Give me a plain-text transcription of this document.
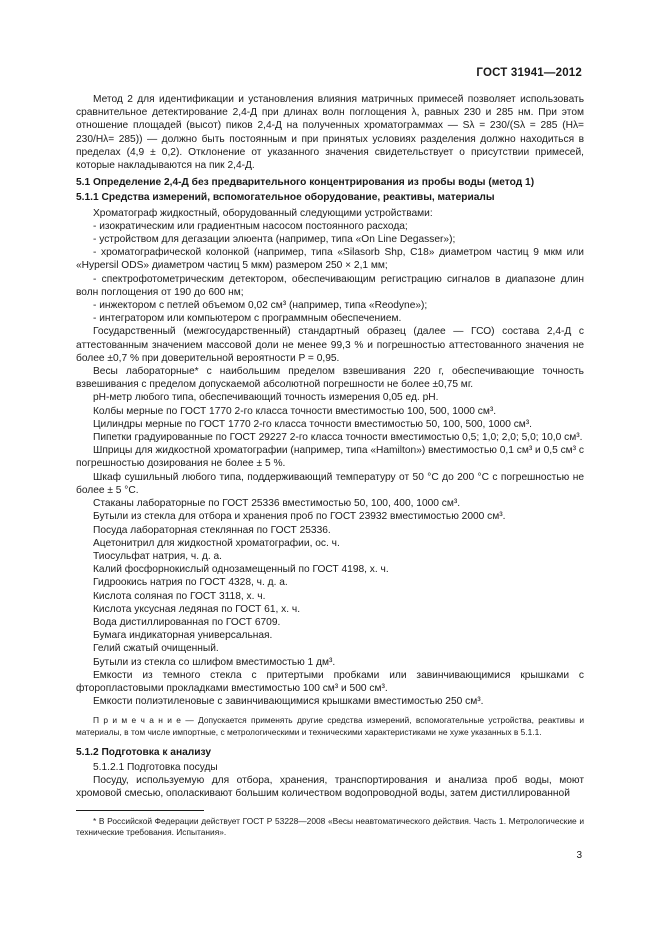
ГОСТ 31941—2012

Метод 2 для идентификации и установления влияния матричных примесей позволяет использовать сравнительное детектирование 2,4-Д при длинах волн поглощения λ, равных 230 и 285 нм. При этом отношение площадей (высот) пиков 2,4-Д на полученных хроматограммах — Sλ = 230/(Sλ = 285 (Hλ= 230/Hλ= 285)) — должно быть постоянным и при принятых условиях разделения должно находиться в пределах (4,9 ± 0,2). Отклонение от указанного значения свидетельствует о присутствии примесей, которые накладываются на пик 2,4-Д.

5.1 Определение 2,4-Д без предварительного концентрирования из пробы воды (метод 1)

5.1.1 Средства измерений, вспомогательное оборудование, реактивы, материалы

Хроматограф жидкостный, оборудованный следующими устройствами:

- изократическим или градиентным насосом постоянного расхода;

- устройством для дегазации элюента (например, типа «On Line Degasser»);

- хроматографической колонкой (например, типа «Silasorb Shp, C18» диаметром частиц 9 мкм или «Hypersil ODS» диаметром частиц 5 мкм) размером 250 × 2,1 мм;

- спектрофотометрическим детектором, обеспечивающим регистрацию сигналов в диапазоне длин волн поглощения от 190 до 600 нм;

- инжектором с петлей объемом 0,02 см³ (например, типа «Reodyne»);

- интегратором или компьютером с программным обеспечением.

Государственный (межгосударственный) стандартный образец (далее — ГСО) состава 2,4-Д с аттестованным значением массовой доли не менее 99,3 % и погрешностью аттестованного значения не более ±0,7 % при доверительной вероятности P = 0,95.

Весы лабораторные* с наибольшим пределом взвешивания 220 г, обеспечивающие точность взвешивания с пределом допускаемой абсолютной погрешности не более ±0,75 мг.

pH-метр любого типа, обеспечивающий точность измерения 0,05 ед. pH.

Колбы мерные по ГОСТ 1770 2-го класса точности вместимостью 100, 500, 1000 см³.

Цилиндры мерные по ГОСТ 1770 2-го класса точности вместимостью 50, 100, 500, 1000 см³.

Пипетки градуированные по ГОСТ 29227 2-го класса точности вместимостью 0,5; 1,0; 2,0; 5,0; 10,0 см³.

Шприцы для жидкостной хроматографии (например, типа «Hamilton») вместимостью 0,1 см³ и 0,5 см³ с погрешностью дозирования не более ± 5 %.

Шкаф сушильный любого типа, поддерживающий температуру от 50 °С до 200 °С с погрешностью не более ± 5 °С.

Стаканы лабораторные по ГОСТ 25336 вместимостью 50, 100, 400, 1000 см³.

Бутыли из стекла для отбора и хранения проб по ГОСТ 23932 вместимостью 2000 см³.

Посуда лабораторная стеклянная по ГОСТ 25336.

Ацетонитрил для жидкостной хроматографии, ос. ч.

Тиосульфат натрия, ч. д. а.

Калий фосфорнокислый однозамещенный по ГОСТ 4198, х. ч.

Гидроокись натрия по ГОСТ 4328, ч. д. а.

Кислота соляная по ГОСТ 3118, х. ч.

Кислота уксусная ледяная по ГОСТ 61, х. ч.

Вода дистиллированная по ГОСТ 6709.

Бумага индикаторная универсальная.

Гелий сжатый очищенный.

Бутыли из стекла со шлифом вместимостью 1 дм³.

Емкости из темного стекла с притертыми пробками или завинчивающимися крышками с фторопластовыми прокладками вместимостью 100 см³ и 500 см³.

Емкости полиэтиленовые с завинчивающимися крышками вместимостью 250 см³.

П р и м е ч а н и е — Допускается применять другие средства измерений, вспомогательные устройства, реактивы и материалы, в том числе импортные, с метрологическими и техническими характеристиками не хуже указанных в 5.1.1.

5.1.2 Подготовка к анализу

5.1.2.1 Подготовка посуды

Посуду, используемую для отбора, хранения, транспортирования и анализа проб воды, моют хромовой смесью, ополаскивают большим количеством водопроводной воды, затем дистиллированной

* В Российской Федерации действует ГОСТ Р 53228—2008 «Весы неавтоматического действия. Часть 1. Метрологические и технические требования. Испытания».

3
